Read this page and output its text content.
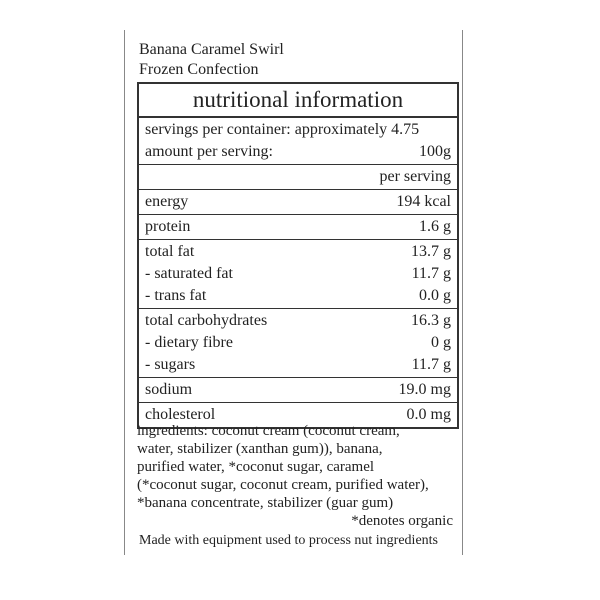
Banana Caramel Swirl
Frozen Confection
nutritional information
servings per container: approximately 4.75
amount per serving:	100g
per serving
energy	194 kcal
protein	1.6 g
total fat	13.7 g
- saturated fat	11.7 g
- trans fat	0.0 g
total carbohydrates	16.3 g
- dietary fibre	0 g
- sugars	11.7 g
sodium	19.0 mg
cholesterol	0.0 mg
ingredients: coconut cream (coconut cream,
water, stabilizer (xanthan gum)), banana,
purified water, *coconut sugar, caramel
(*coconut sugar, coconut cream, purified water),
*banana concentrate, stabilizer (guar gum)
*denotes organic
Made with equipment used to process nut ingredients
